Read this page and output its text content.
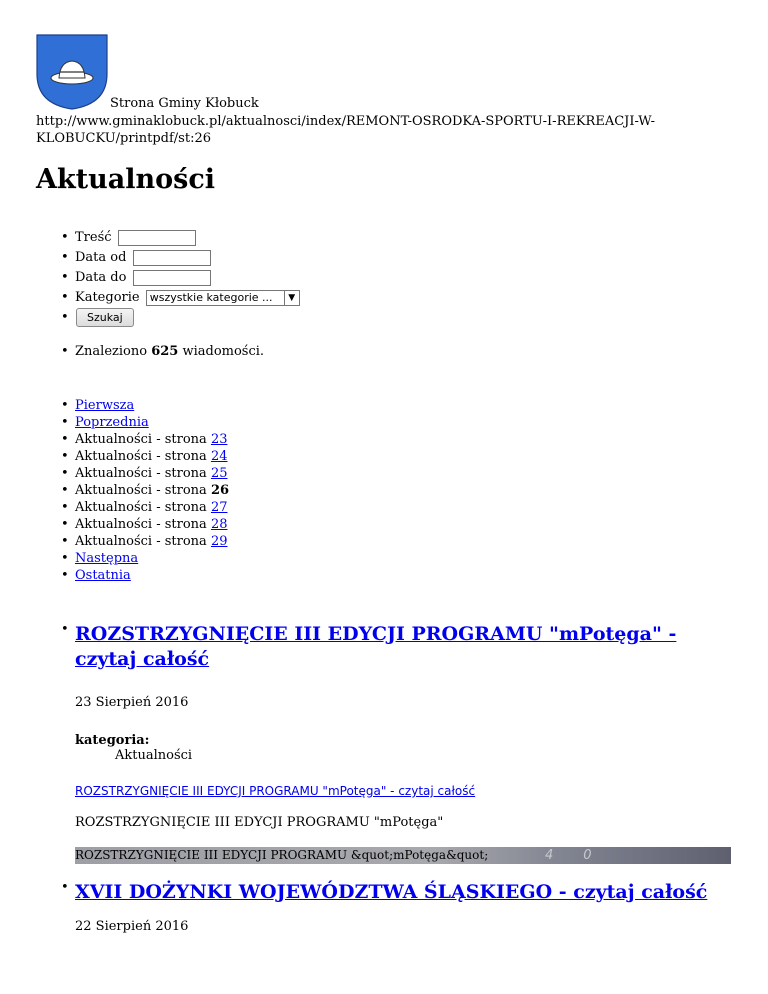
Strona Gminy Kłobuck
http://www.gminaklobuck.pl/aktualnosci/index/REMONT-OSRODKA-SPORTU-I-REKREACJI-W-KLOBUCKU/printpdf/st:26
Aktualności
• Treść
• Data od
• Data do
• Kategorie wszystkie kategorie ...	▼
• Szukaj
• Znaleziono 625 wiadomości.
• Pierwsza
• Poprzednia
• Aktualności - strona 23
• Aktualności - strona 24
• Aktualności - strona 25
• Aktualności - strona 26
• Aktualności - strona 27
• Aktualności - strona 28
• Aktualności - strona 29
• Następna
• Ostatnia
• ROZSTRZYGNIĘCIE III EDYCJI PROGRAMU "mPotęga" - czytaj całość
23 Sierpień 2016
kategoria:
Aktualności
ROZSTRZYGNIĘCIE III EDYCJI PROGRAMU "mPotęga" - czytaj całość
ROZSTRZYGNIĘCIE III EDYCJI PROGRAMU "mPotęga"
ROZSTRZYGNIĘCIE III EDYCJI PROGRAMU &quot;mPotęga&quot;	40
• XVII DOŻYNKI WOJEWÓDZTWA ŚLĄSKIEGO - czytaj całość
22 Sierpień 2016
